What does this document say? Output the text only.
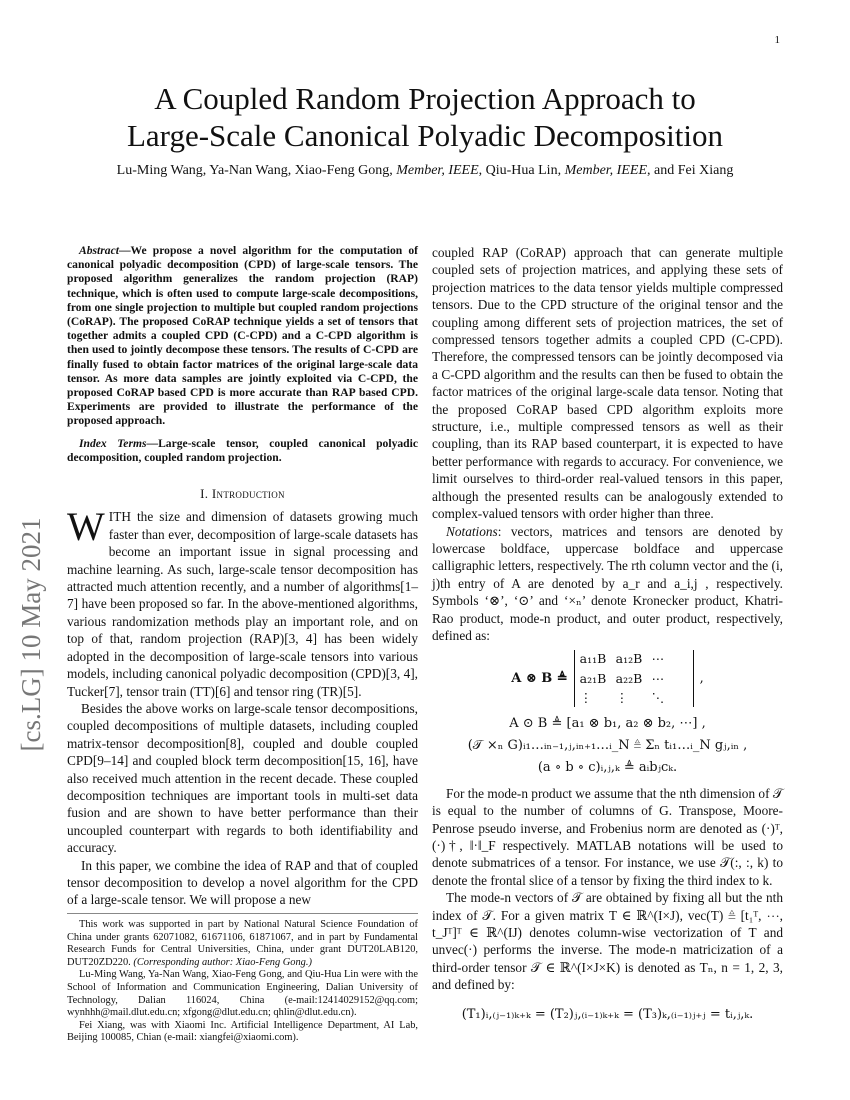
1
arXiv:2105.04084v1 [cs.LG] 10 May 2021
A Coupled Random Projection Approach to
Large-Scale Canonical Polyadic Decomposition
Lu-Ming Wang, Ya-Nan Wang, Xiao-Feng Gong, Member, IEEE, Qiu-Hua Lin, Member, IEEE, and Fei Xiang

Abstract—We propose a novel algorithm for the computation of canonical polyadic decomposition (CPD) of large-scale tensors. The proposed algorithm generalizes the random projection (RAP) technique, which is often used to compute large-scale decompositions, from one single projection to multiple but coupled random projections (CoRAP). The proposed CoRAP technique yields a set of tensors that together admits a coupled CPD (C-CPD) and a C-CPD algorithm is then used to jointly decompose these tensors. The results of C-CPD are finally fused to obtain factor matrices of the original large-scale data tensor. As more data samples are jointly exploited via C-CPD, the proposed CoRAP based CPD is more accurate than RAP based CPD. Experiments are provided to illustrate the performance of the proposed approach.

Index Terms—Large-scale tensor, coupled canonical polyadic decomposition, coupled random projection.

I. Introduction

WITH the size and dimension of datasets growing much faster than ever, decomposition of large-scale datasets has become an important issue in signal processing and machine learning. As such, large-scale tensor decomposition has attracted much attention recently, and a number of algorithms[1–7] have been proposed so far. In the above-mentioned algorithms, various randomization methods play an important role, and on top of that, random projection (RAP)[3, 4] has been widely adopted in the decomposition of large-scale tensors into various models, including canonical polyadic decomposition (CPD)[3, 4], Tucker[7], tensor train (TT)[6] and tensor ring (TR)[5].

Besides the above works on large-scale tensor decompositions, coupled decompositions of multiple datasets, including coupled matrix-tensor decomposition[8], coupled and double coupled CPD[9–14] and coupled block term decomposition[15, 16], have also received much attention in the recent decade. These coupled decomposition techniques are important tools in multi-set data fusion and are shown to have better performance than their uncoupled counterpart with regards to both identifiability and accuracy.

In this paper, we combine the idea of RAP and that of coupled tensor decomposition to develop a novel algorithm for the CPD of a large-scale tensor. We will propose a new

This work was supported in part by National Natural Science Foundation of China under grants 62071082, 61671106, 61871067, and in part by Fundamental Research Funds for Central Universities, China, under grant DUT20LAB120, DUT20ZD220. (Corresponding author: Xiao-Feng Gong.)

Lu-Ming Wang, Ya-Nan Wang, Xiao-Feng Gong, and Qiu-Hua Lin were with the School of Information and Communication Engineering, Dalian University of Technology, Dalian 116024, China (e-mail:12414029152@qq.com; wynhhh@mail.dlut.edu.cn; xfgong@dlut.edu.cn; qhlin@dlut.edu.cn).

Fei Xiang, was with Xiaomi Inc. Artificial Intelligence Department, AI Lab, Beijing 100085, Chian (e-mail: xiangfei@xiaomi.com).

coupled RAP (CoRAP) approach that can generate multiple coupled sets of projection matrices, and applying these sets of projection matrices to the data tensor yields multiple compressed tensors. Due to the CPD structure of the original tensor and the coupling among different sets of projection matrices, the set of compressed tensors together admits a coupled CPD (C-CPD). Therefore, the compressed tensors can be jointly decomposed via a C-CPD algorithm and the results can then be fused to obtain the factor matrices of the original large-scale data tensor. Noting that the proposed CoRAP based CPD algorithm exploits more structure, i.e., multiple compressed tensors as well as their coupling, than its RAP based counterpart, it is expected to have better performance with regards to accuracy. For convenience, we limit ourselves to third-order real-valued tensors in this paper, although the presented results can be analogously extended to complex-valued tensors with order higher than three.

Notations: vectors, matrices and tensors are denoted by lowercase boldface, uppercase boldface and uppercase calligraphic letters, respectively. The rth column vector and the (i, j)th entry of A are denoted by a_r and a_i,j , respectively. Symbols ‘⊗’, ‘⊙’ and ‘×ₙ’ denote Kronecker product, Khatri-Rao product, mode-n product, and outer product, respectively, defined as:

A ⊗ B ≜
a₁₁B a₁₂B ⋯
a₂₁B a₂₂B ⋯
⋮	⋮	⋱
,
A ⊙ B ≜ [a₁ ⊗ b₁, a₂ ⊗ b₂, ⋯] ,
(𝒯 ×ₙ G)ᵢ₁…ᵢₙ₋₁,ⱼ,ᵢₙ₊₁…ᵢ_N ≜ Σₙ tᵢ₁…ᵢ_N gⱼ,ᵢₙ ,
(a ∘ b ∘ c)ᵢ,ⱼ,ₖ ≜ aᵢbⱼcₖ.

For the mode-n product we assume that the nth dimension of 𝒯 is equal to the number of columns of G. Transpose, Moore-Penrose pseudo inverse, and Frobenius norm are denoted as (·)ᵀ, (·)†, ‖·‖_F respectively. MATLAB notations will be used to denote submatrices of a tensor. For instance, we use 𝒯(:, :, k) to denote the frontal slice of a tensor by fixing the third index to k.

The mode-n vectors of 𝒯 are obtained by fixing all but the nth index of 𝒯. For a given matrix T ∈ ℝ^(I×J), vec(T) ≜ [t₁ᵀ, ⋯, t_Jᵀ]ᵀ ∈ ℝ^(IJ) denotes column-wise vectorization of T and unvec(·) performs the inverse. The mode-n matricization of a third-order tensor 𝒯 ∈ ℝ^(I×J×K) is denoted as Tₙ, n = 1, 2, 3, and defined by:

(T₁)ᵢ,₍ⱼ₋₁₎ₖ₊ₖ = (T₂)ⱼ,₍ᵢ₋₁₎ₖ₊ₖ = (T₃)ₖ,₍ᵢ₋₁₎ⱼ₊ⱼ = tᵢ,ⱼ,ₖ.
